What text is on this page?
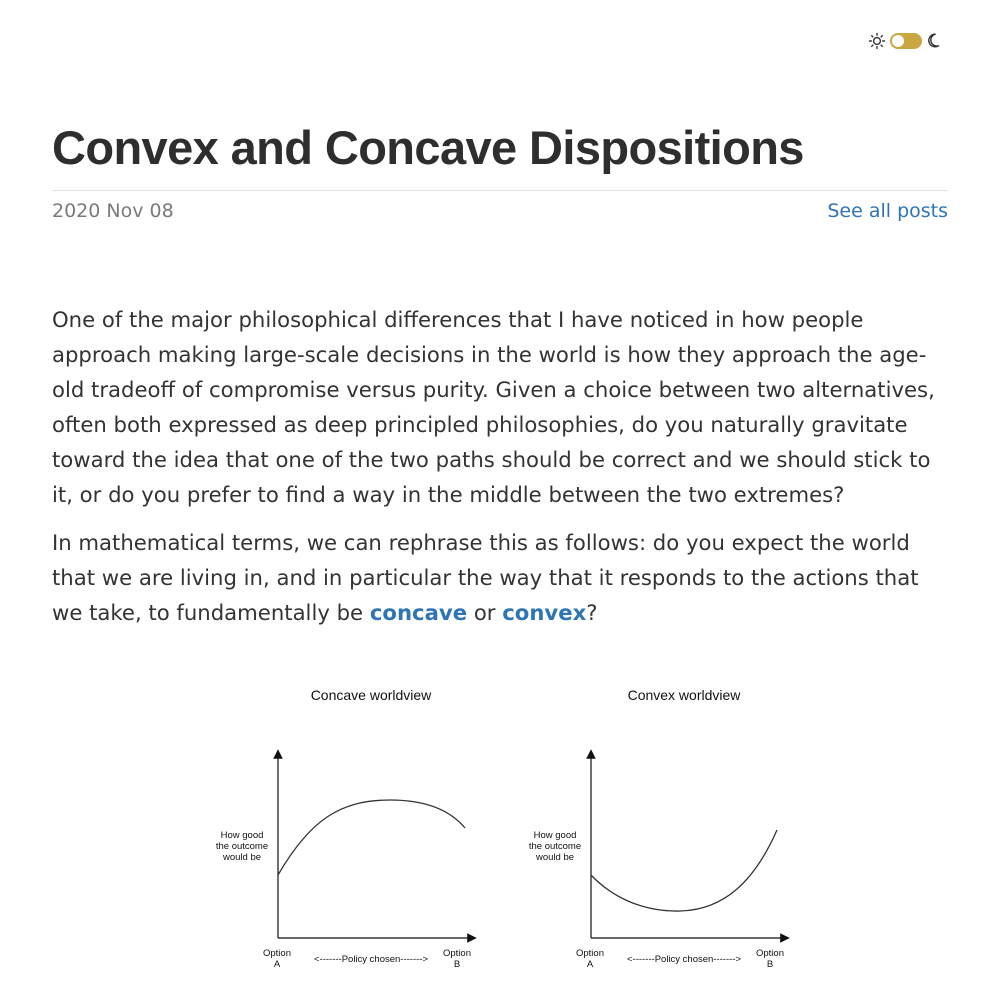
Convex and Concave Dispositions
2020 Nov 08	See all posts

One of the major philosophical differences that I have noticed in how people approach making large-scale decisions in the world is how they approach the age-old tradeoff of compromise versus purity. Given a choice between two alternatives, often both expressed as deep principled philosophies, do you naturally gravitate toward the idea that one of the two paths should be correct and we should stick to it, or do you prefer to find a way in the middle between the two extremes?

In mathematical terms, we can rephrase this as follows: do you expect the world that we are living in, and in particular the way that it responds to the actions that we take, to fundamentally be concave or convex?

Concave worldview
How good
the outcome
would be
Option
A	<-------Policy chosen------->
Option
B
Convex worldview
How good
the outcome
would be
Option
A	<-------Policy chosen------->
Option
B
